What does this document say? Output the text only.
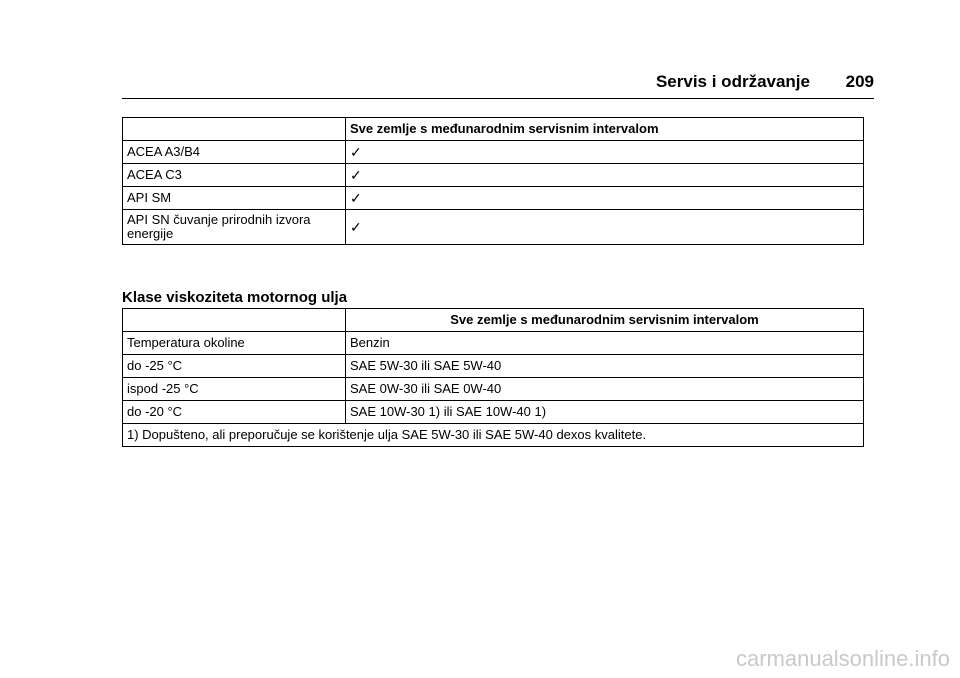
Servis i održavanje 209
	Sve zemlje s međunarodnim servisnim intervalom
ACEA A3/B4	✓
ACEA C3	✓
API SM	✓
API SN čuvanje prirodnih izvora
energije	✓
Klase viskoziteta motornog ulja
	Sve zemlje s međunarodnim servisnim intervalom
Temperatura okoline	Benzin
do -25 °C	SAE 5W-30 ili SAE 5W-40
ispod -25 °C	SAE 0W-30 ili SAE 0W-40
do -20 °C	SAE 10W-30 1) ili SAE 10W-40 1)
1) Dopušteno, ali preporučuje se korištenje ulja SAE 5W-30 ili SAE 5W-40 dexos kvalitete.	
carmanualsonline.info
